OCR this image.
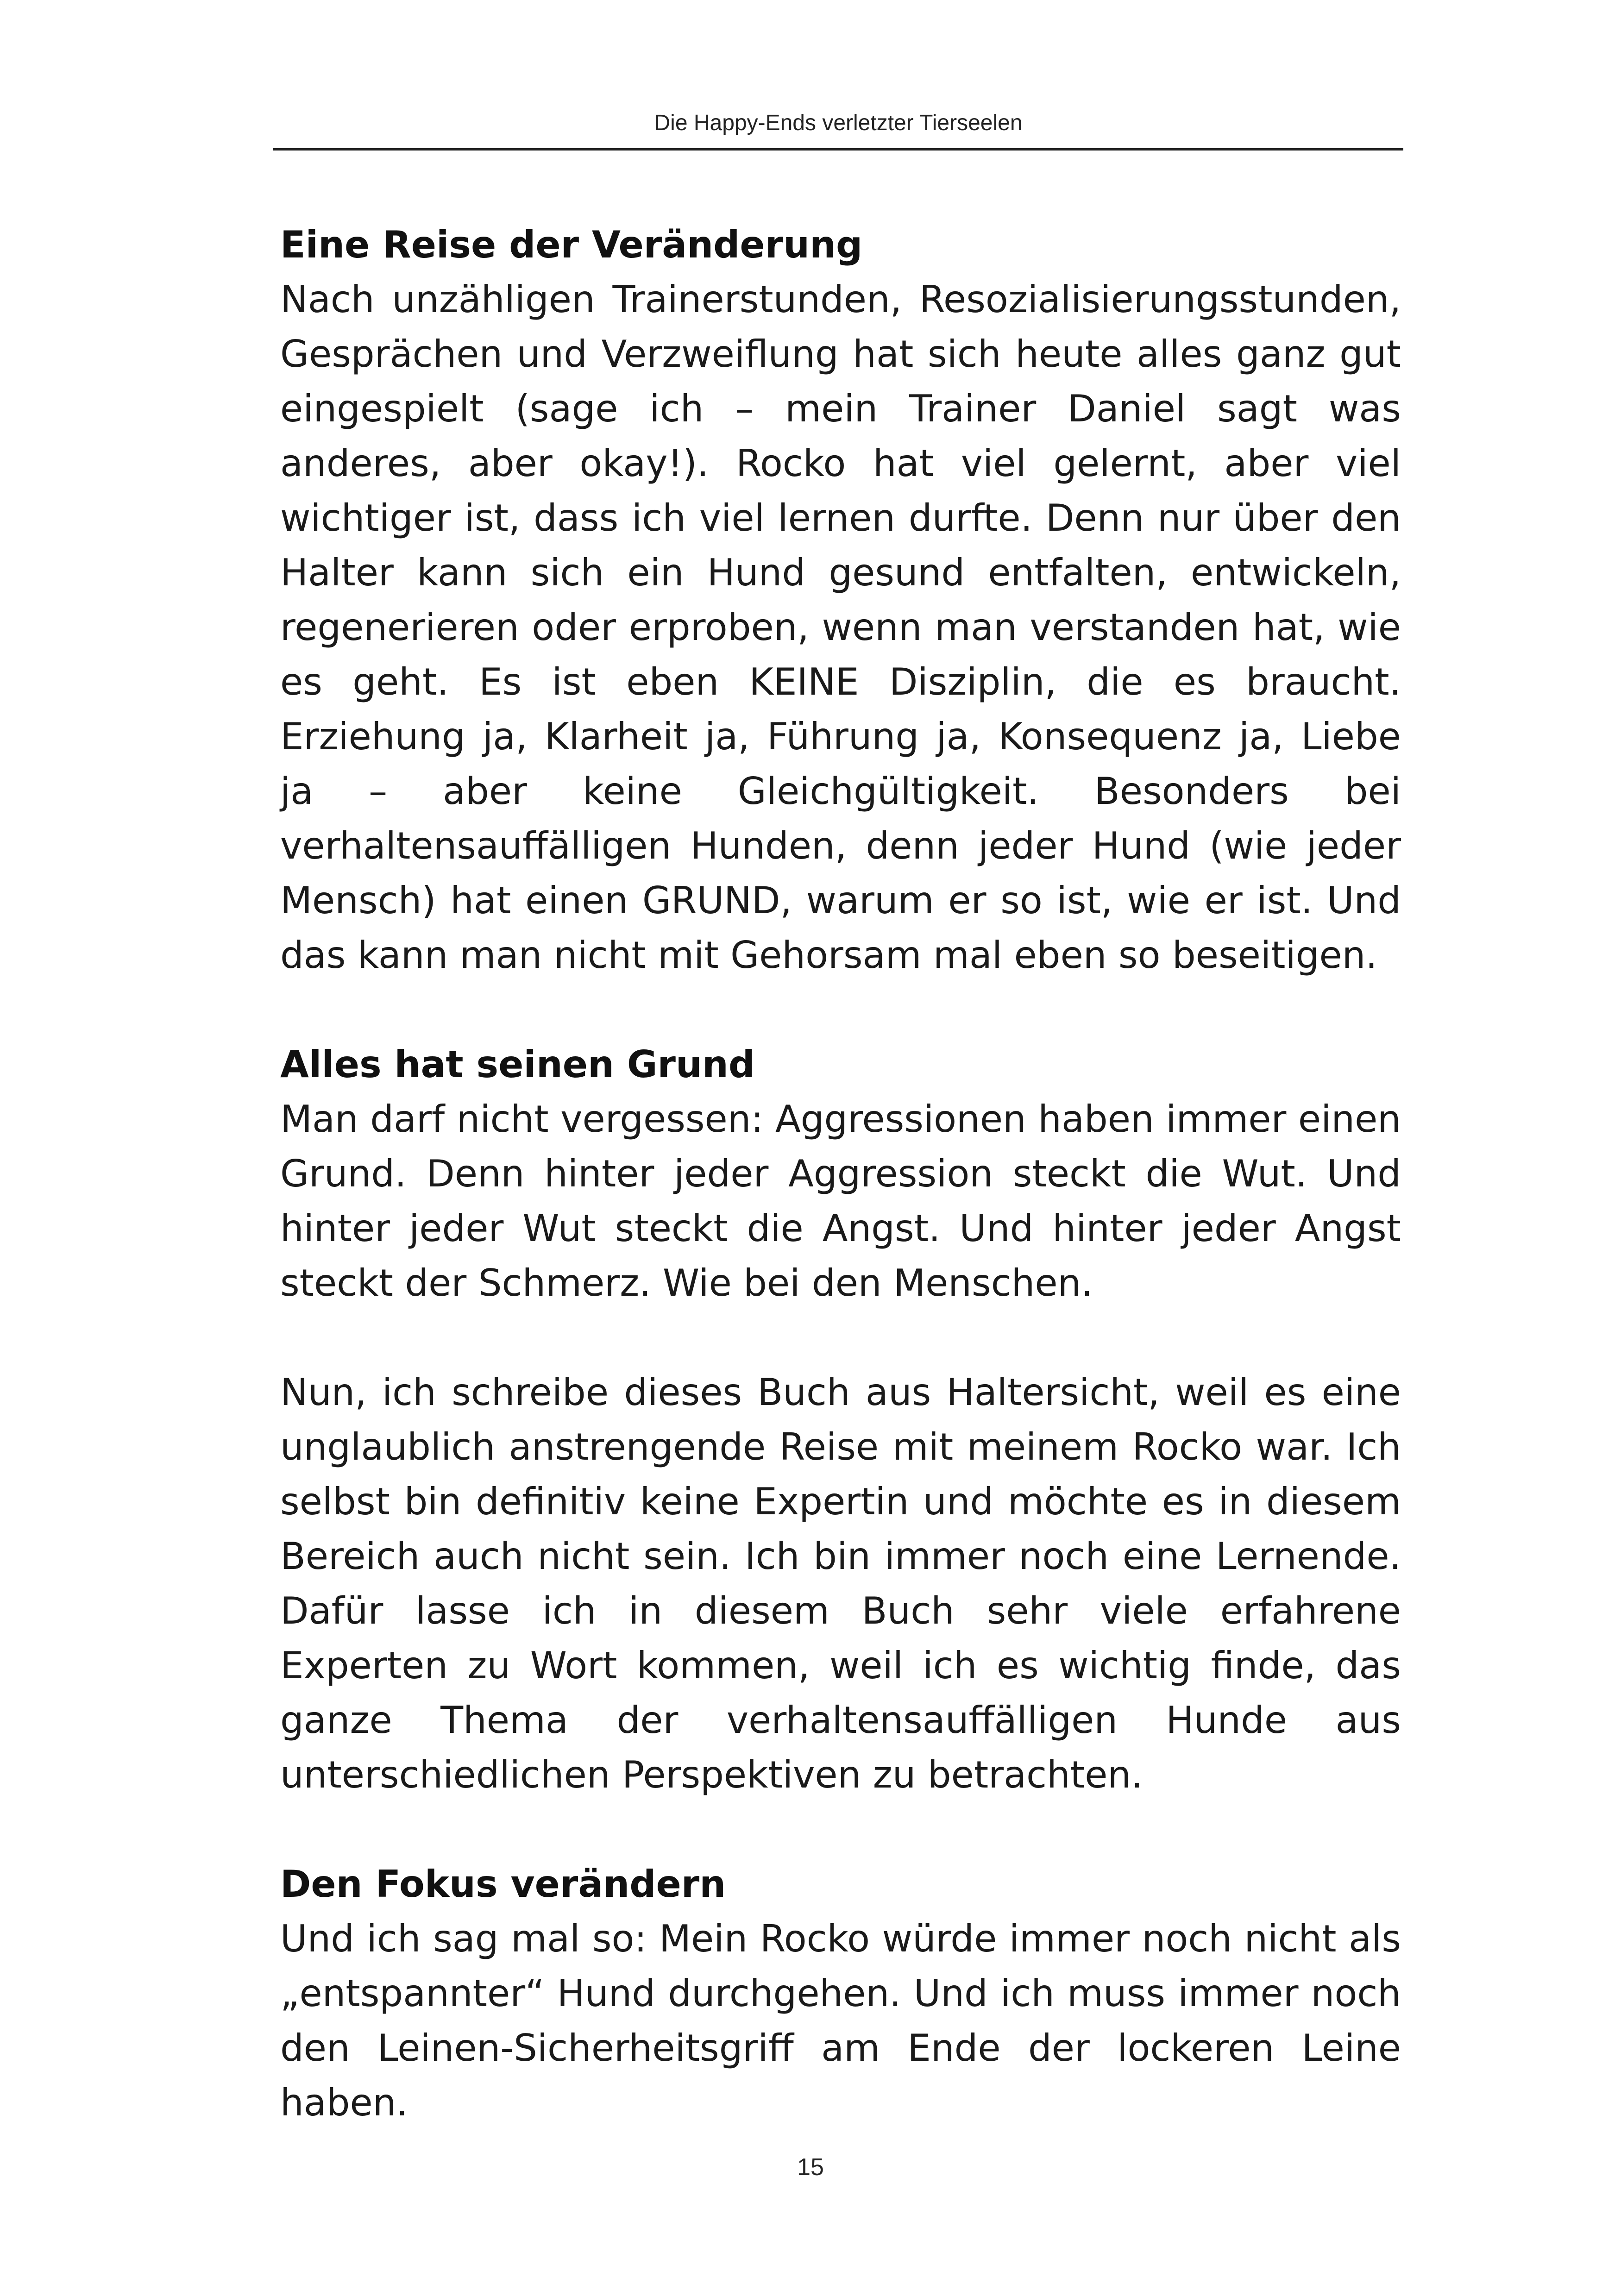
Die Happy-Ends verletzter Tierseelen
Eine Reise der Veränderung

Nach unzähligen Trainerstunden, Resozialisierungsstunden, Gesprächen und Verzweiflung hat sich heute alles ganz gut eingespielt (sage ich – mein Trainer Daniel sagt was anderes, aber okay!). Rocko hat viel gelernt, aber viel wichtiger ist, dass ich viel lernen durfte. Denn nur über den Halter kann sich ein Hund gesund entfalten, entwickeln, regenerieren oder erproben, wenn man verstanden hat, wie es geht. Es ist eben KEINE Disziplin, die es braucht. Erziehung ja, Klarheit ja, Führung ja, Konsequenz ja, Liebe ja – aber keine Gleichgültigkeit. Besonders bei verhaltensauffälligen Hunden, denn jeder Hund (wie jeder Mensch) hat einen GRUND, warum er so ist, wie er ist. Und das kann man nicht mit Gehorsam mal eben so beseitigen.

Alles hat seinen Grund

Man darf nicht vergessen: Aggressionen haben immer einen Grund. Denn hinter jeder Aggression steckt die Wut. Und hinter jeder Wut steckt die Angst. Und hinter jeder Angst steckt der Schmerz. Wie bei den Menschen.

Nun, ich schreibe dieses Buch aus Haltersicht, weil es eine unglaublich anstrengende Reise mit meinem Rocko war. Ich selbst bin definitiv keine Expertin und möchte es in diesem Bereich auch nicht sein. Ich bin immer noch eine Lernende. Dafür lasse ich in diesem Buch sehr viele erfahrene Experten zu Wort kommen, weil ich es wichtig finde, das ganze Thema der verhaltensauffälligen Hunde aus unterschiedlichen Perspektiven zu betrachten.

Den Fokus verändern

Und ich sag mal so: Mein Rocko würde immer noch nicht als „entspannter“ Hund durchgehen. Und ich muss immer noch den Leinen-Sicherheitsgriff am Ende der lockeren Leine haben.

15
